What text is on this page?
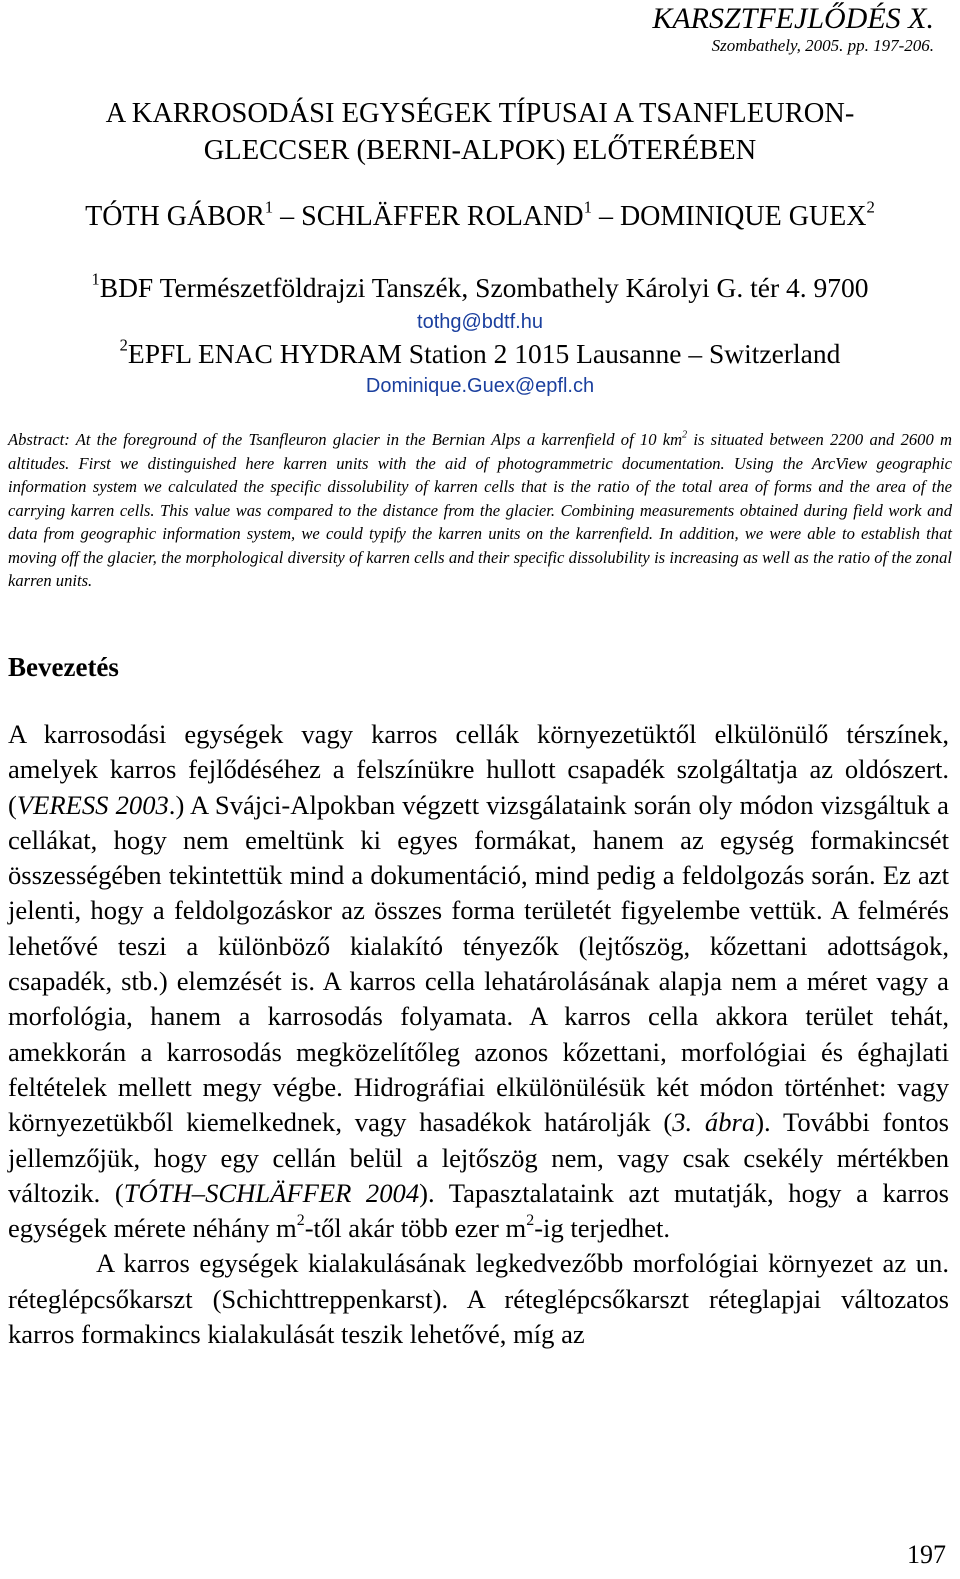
KARSZTFEJLŐDÉS X.
Szombathely, 2005. pp. 197-206.
A KARROSODÁSI EGYSÉGEK TÍPUSAI A TSANFLEURON-
GLECCSER (BERNI-ALPOK) ELŐTERÉBEN
TÓTH GÁBOR$^1$ – SCHLÄFFER ROLAND$^1$ – DOMINIQUE GUEX$^2$
$^1$BDF Természetföldrajzi Tanszék, Szombathely Károlyi G. tér 4. 9700
tothg@bdtf.hu
$^2$EPFL ENAC HYDRAM Station 2 1015 Lausanne – Switzerland
Dominique.Guex@epfl.ch

Abstract: At the foreground of the Tsanfleuron glacier in the Bernian Alps a karrenfield of 10 $km^2$ is situated between 2200 and 2600 m altitudes. First we distinguished here karren units with the aid of photogrammetric documentation. Using the ArcView geographic information system we calculated the specific dissolubility of karren cells that is the ratio of the total area of forms and the area of the carrying karren cells. This value was compared to the distance from the glacier. Combining measurements obtained during field work and data from geographic information system, we could typify the karren units on the karrenfield. In addition, we were able to establish that moving off the glacier, the morphological diversity of karren cells and their specific dissolubility is increasing as well as the ratio of the zonal karren units.

Bevezetés

A karrosodási egységek vagy karros cellák környezetüktől elkülönülő térszínek, amelyek karros fejlődéséhez a felszínükre hullott csapadék szolgáltatja az oldószert. (VERESS 2003.) A Svájci-Alpokban végzett vizsgálataink során oly módon vizsgáltuk a cellákat, hogy nem emeltünk ki egyes formákat, hanem az egység formakincsét összességében tekintettük mind a dokumentáció, mind pedig a feldolgozás során. Ez azt jelenti, hogy a feldolgozáskor az összes forma területét figyelembe vettük. A felmérés lehetővé teszi a különböző kialakító tényezők (lejtőszög, kőzettani adottságok, csapadék, stb.) elemzését is. A karros cella lehatárolásának alapja nem a méret vagy a morfológia, hanem a karrosodás folyamata. A karros cella akkora terület tehát, amekkorán a karrosodás megközelítőleg azonos kőzettani, morfológiai és éghajlati feltételek mellett megy végbe. Hidrográfiai elkülönülésük két módon történhet: vagy környezetükből kiemelkednek, vagy hasadékok határolják (3. ábra). További fontos jellemzőjük, hogy egy cellán belül a lejtőszög nem, vagy csak csekély mértékben változik. (TÓTH–SCHLÄFFER 2004). Tapasztalataink azt mutatják, hogy a karros egységek mérete néhány $m^2$-től akár több ezer $m^2-ig$ terjedhet.

A karros egységek kialakulásának legkedvezőbb morfológiai környezet az un. réteglépcsőkarszt (Schichttreppenkarst). A réteglépcsőkarszt réteglapjai változatos karros formakincs kialakulását teszik lehetővé, míg az

197
